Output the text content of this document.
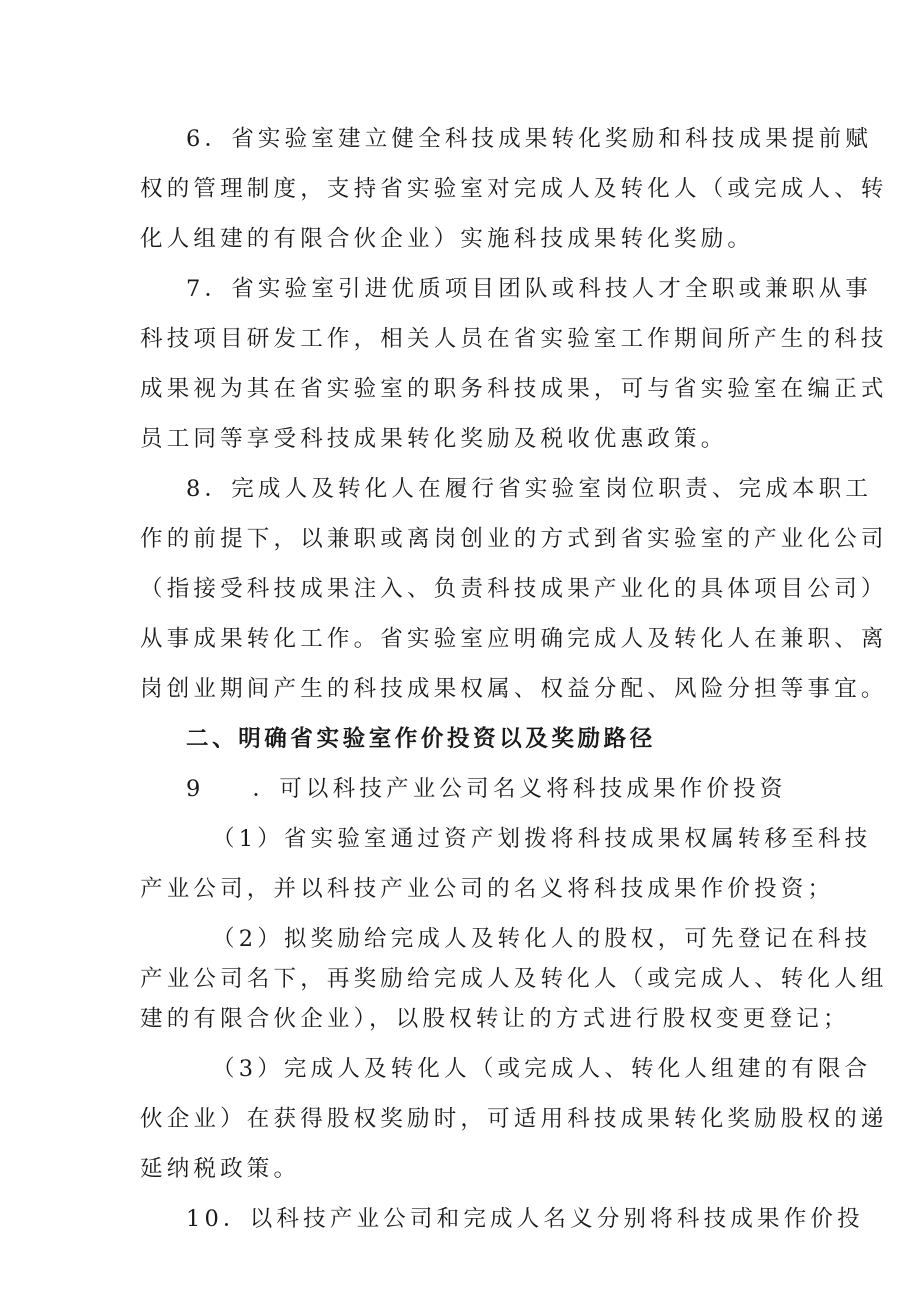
6．省实验室建立健全科技成果转化奖励和科技成果提前赋
权的管理制度，支持省实验室对完成人及转化人（或完成人、转
化人组建的有限合伙企业）实施科技成果转化奖励。
7．省实验室引进优质项目团队或科技人才全职或兼职从事
科技项目研发工作，相关人员在省实验室工作期间所产生的科技
成果视为其在省实验室的职务科技成果，可与省实验室在编正式
员工同等享受科技成果转化奖励及税收优惠政策。
8．完成人及转化人在履行省实验室岗位职责、完成本职工
作的前提下，以兼职或离岗创业的方式到省实验室的产业化公司
（指接受科技成果注入、负责科技成果产业化的具体项目公司）
从事成果转化工作。省实验室应明确完成人及转化人在兼职、离
岗创业期间产生的科技成果权属、权益分配、风险分担等事宜。
二、明确省实验室作价投资以及奖励路径
9 ．可以科技产业公司名义将科技成果作价投资
（1）省实验室通过资产划拨将科技成果权属转移至科技
产业公司，并以科技产业公司的名义将科技成果作价投资；
（2）拟奖励给完成人及转化人的股权，可先登记在科技
产业公司名下，再奖励给完成人及转化人（或完成人、转化人组
建的有限合伙企业），以股权转让的方式进行股权变更登记；
（3）完成人及转化人（或完成人、转化人组建的有限合
伙企业）在获得股权奖励时，可适用科技成果转化奖励股权的递
延纳税政策。
10．以科技产业公司和完成人名义分别将科技成果作价投
